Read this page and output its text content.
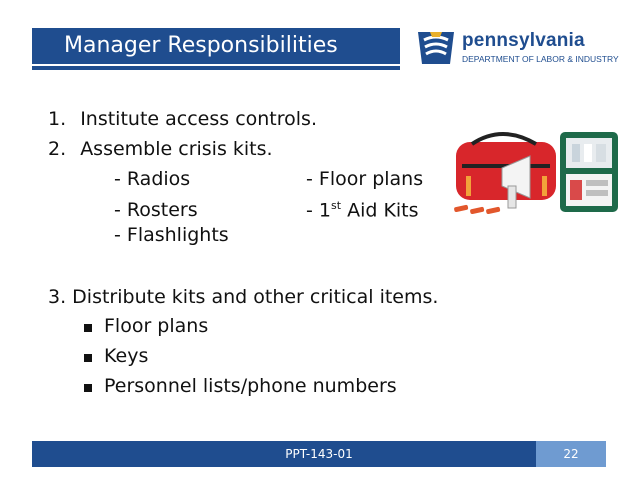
Manager Responsibilities	pennsylvania
DEPARTMENT OF LABOR & INDUSTRY
1. Institute access controls.
2. Assemble crisis kits.
- Radios
- Rosters
- Flashlights
- Floor plans
- 1st Aid Kits
3. Distribute kits and other critical items.
Floor plans
Keys
Personnel lists/phone numbers
PPT-143-01	22
